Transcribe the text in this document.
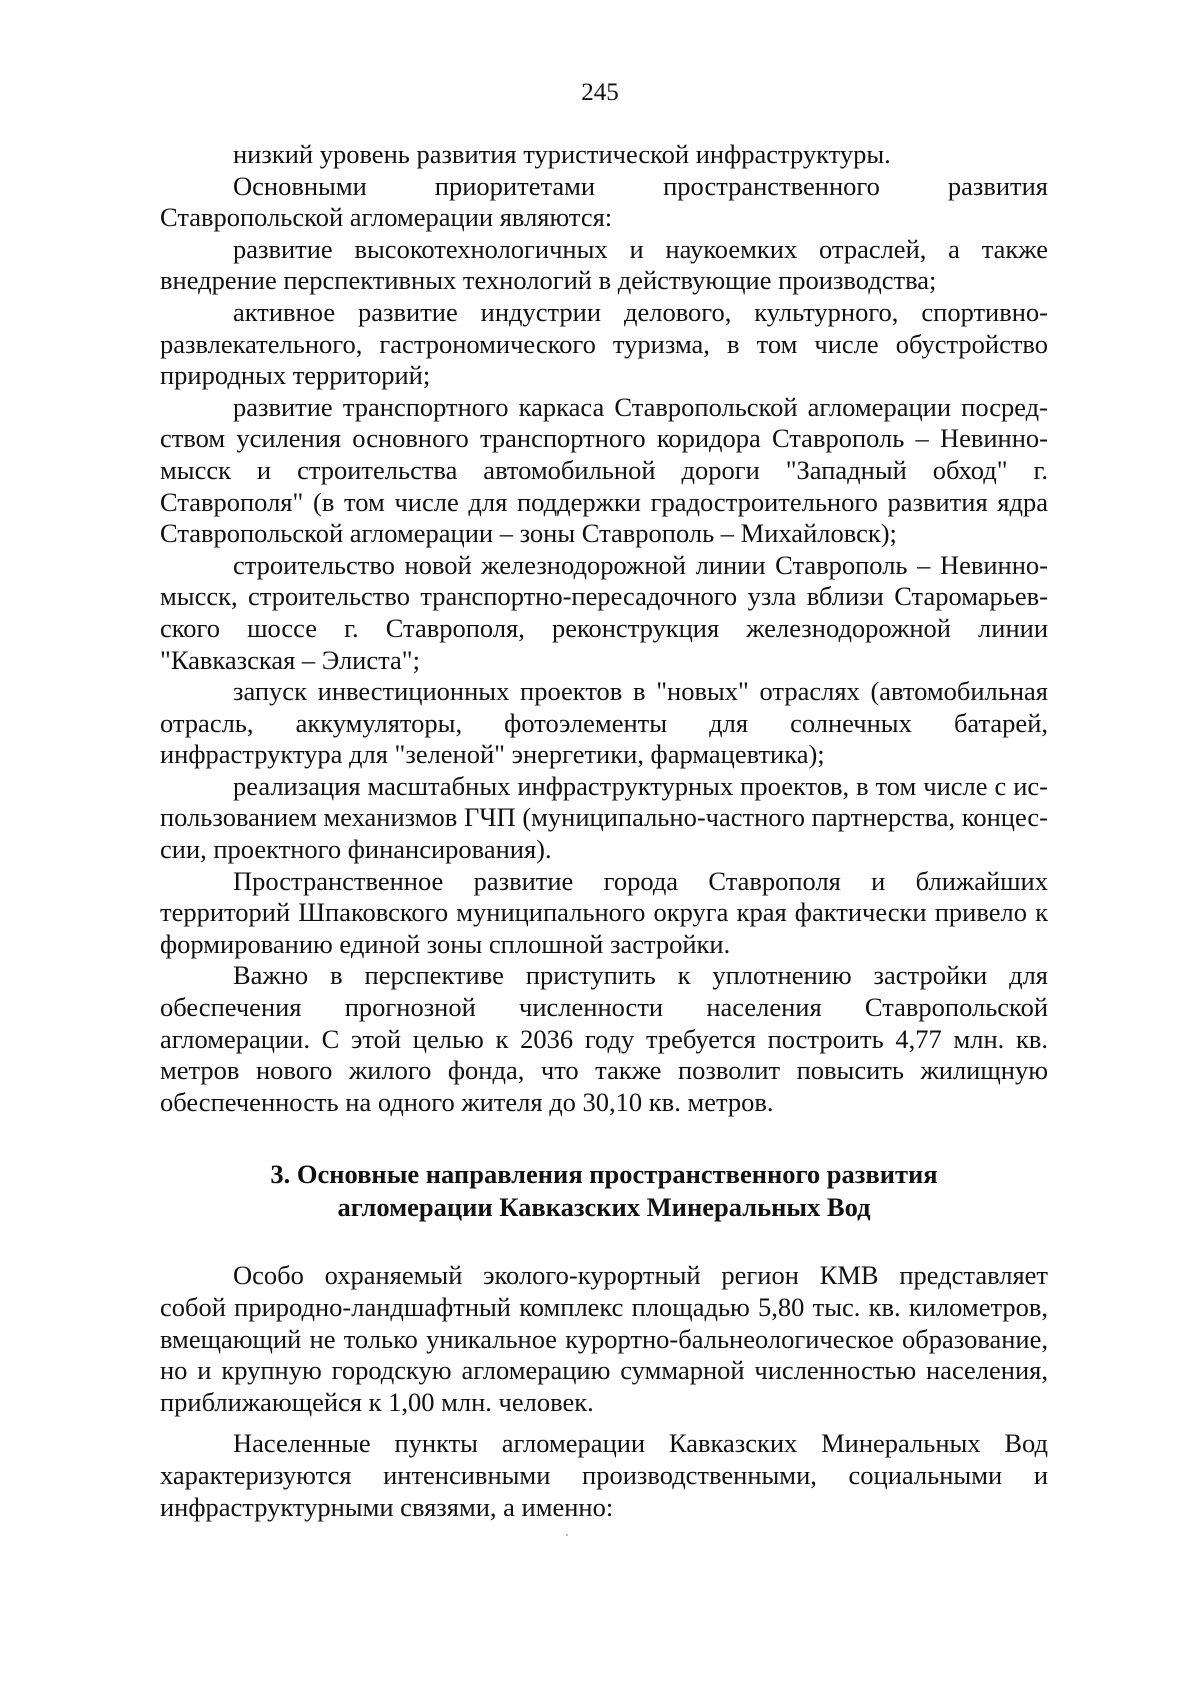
245

низкий уровень развития туристической инфраструктуры.

Основными приоритетами пространственного развития Ставропольской агломерации являются:

развитие высокотехнологичных и наукоемких отраслей, а также внедрение перспективных технологий в действующие производства;

активное развитие индустрии делового, культурного, спортивно-развлекательного, гастрономического туризма, в том числе обустройство природных территорий;

развитие транспортного каркаса Ставропольской агломерации посредством усиления основного транспортного коридора Ставрополь – Невинномысск и строительства автомобильной дороги "Западный обход" г. Ставрополя" (в том числе для поддержки градостроительного развития ядра Ставропольской агломерации – зоны Ставрополь – Михайловск);

строительство новой железнодорожной линии Ставрополь – Невинномысск, строительство транспортно-пересадочного узла вблизи Старомарьевского шоссе г. Ставрополя, реконструкция железнодорожной линии "Кавказская – Элиста";

запуск инвестиционных проектов в "новых" отраслях (автомобильная отрасль, аккумуляторы, фотоэлементы для солнечных батарей, инфраструктура для "зеленой" энергетики, фармацевтика);

реализация масштабных инфраструктурных проектов, в том числе с использованием механизмов ГЧП (муниципально-частного партнерства, концессии, проектного финансирования).

Пространственное развитие города Ставрополя и ближайших территорий Шпаковского муниципального округа края фактически привело к формированию единой зоны сплошной застройки.

Важно в перспективе приступить к уплотнению застройки для обеспечения прогнозной численности населения Ставропольской агломерации. С этой целью к 2036 году требуется построить 4,77 млн. кв. метров нового жилого фонда, что также позволит повысить жилищную обеспеченность на одного жителя до 30,10 кв. метров.

3. Основные направления пространственного развития
агломерации Кавказских Минеральных Вод

Особо охраняемый эколого-курортный регион КМВ представляет собой природно-ландшафтный комплекс площадью 5,80 тыс. кв. километров, вмещающий не только уникальное курортно-бальнеологическое образование, но и крупную городскую агломерацию суммарной численностью населения, приближающейся к 1,00 млн. человек.

Населенные пункты агломерации Кавказских Минеральных Вод характеризуются интенсивными производственными, социальными и инфраструктурными связями, а именно:
